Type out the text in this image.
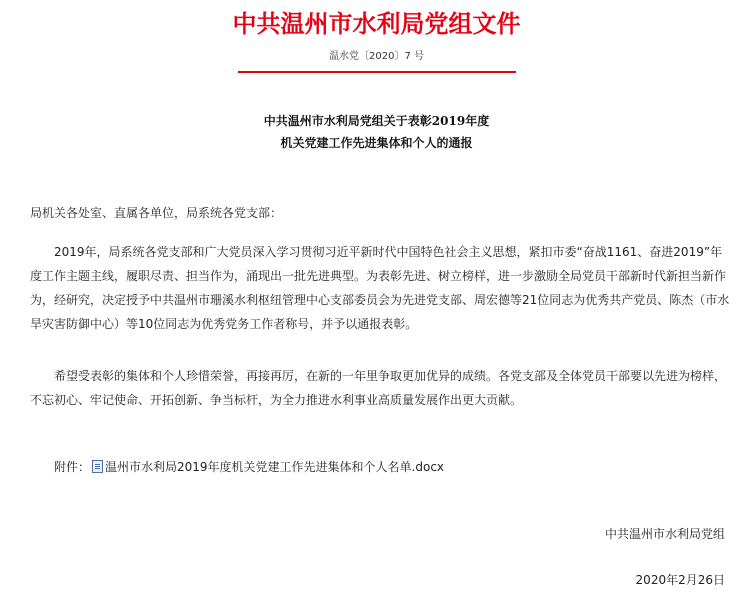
中共温州市水利局党组文件
温水党〔2020〕7 号
中共温州市水利局党组关于表彰2019年度
机关党建工作先进集体和个人的通报
局机关各处室、直属各单位，局系统各党支部：

2019年，局系统各党支部和广大党员深入学习贯彻习近平新时代中国特色社会主义思想，紧扣市委“奋战1161、奋进2019”年度工作主题主线，履职尽责、担当作为，涌现出一批先进典型。为表彰先进、树立榜样，进一步激励全局党员干部新时代新担当新作为，经研究，决定授予中共温州市珊溪水利枢纽管理中心支部委员会为先进党支部、周宏德等21位同志为优秀共产党员、陈杰（市水旱灾害防御中心）等10位同志为优秀党务工作者称号，并予以通报表彰。

希望受表彰的集体和个人珍惜荣誉，再接再厉，在新的一年里争取更加优异的成绩。各党支部及全体党员干部要以先进为榜样，不忘初心、牢记使命、开拓创新、争当标杆，为全力推进水利事业高质量发展作出更大贡献。

附件： 温州市水利局2019年度机关党建工作先进集体和个人名单.docx
中共温州市水利局党组
2020年2月26日
